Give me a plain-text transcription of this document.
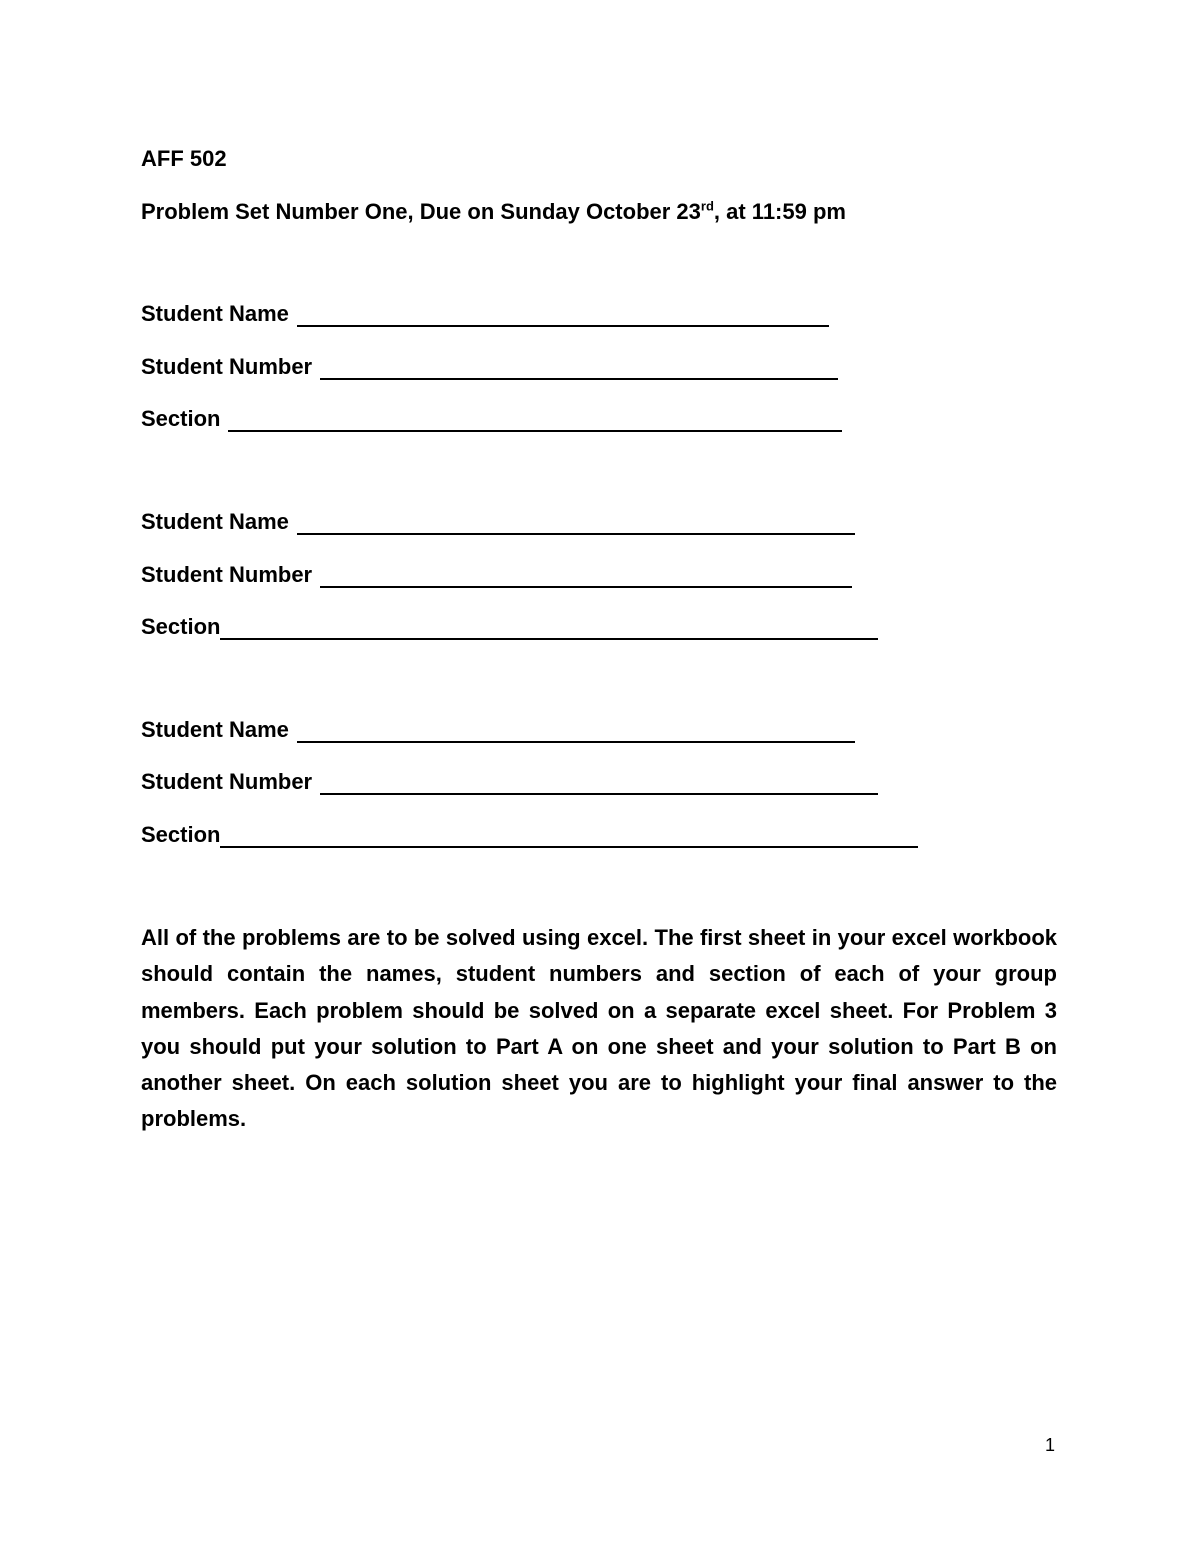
AFF 502
Problem Set Number One, Due on Sunday October 23rd, at 11:59 pm
Student Name
Student Number
Section
Student Name
Student Number
Section
Student Name
Student Number
Section
All of the problems are to be solved using excel. The first sheet in your excel workbook should contain the names, student numbers and section of each of your group members. Each problem should be solved on a separate excel sheet. For Problem 3 you should put your solution to Part A on one sheet and your solution to Part B on another sheet. On each solution sheet you are to highlight your final answer to the problems.
1
